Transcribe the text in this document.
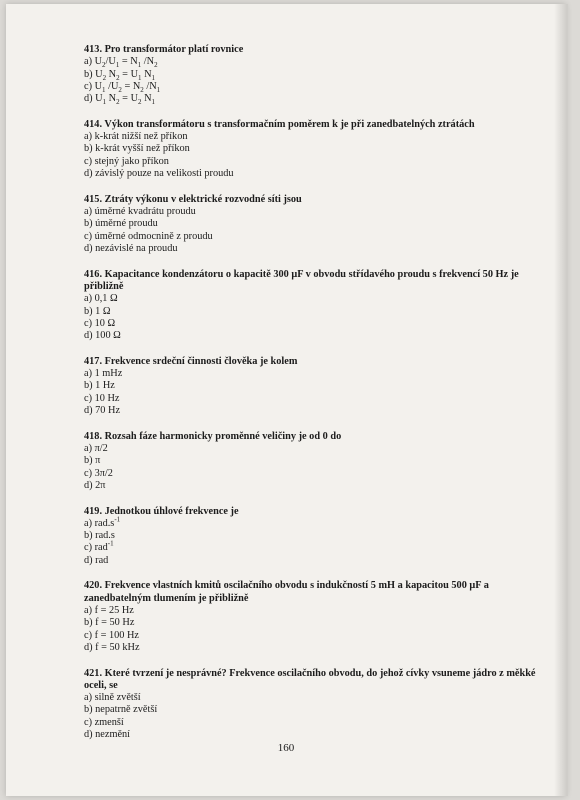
413. Pro transformátor platí rovnice
a) $U_2/U_1 = N_1$ $/N_2$
b) $U_2$ $N_2 = U_1$ $N_1$
c) $U_1$ $/U_2 = N_2$ $/N_1$
d) $U_1$ $N_2 = U_2$ $N_1$
414. Výkon transformátoru s transformačním poměrem k je při zanedbatelných ztrátách
a) k-krát nižší než příkon
b) k-krát vyšší než příkon
c) stejný jako příkon
d) závislý pouze na velikosti proudu
415. Ztráty výkonu v elektrické rozvodné síti jsou
a) úměrné kvadrátu proudu
b) úměrné proudu
c) úměrné odmocnině z proudu
d) nezávislé na proudu
416. Kapacitance kondenzátoru o kapacitě 300 μF v obvodu střídavého proudu s frekvencí 50 Hz je přibližně
a) 0,1 Ω
b) 1 Ω
c) 10 Ω
d) 100 Ω
417. Frekvence srdeční činnosti člověka je kolem
a) 1 mHz
b) 1 Hz
c) 10 Hz
d) 70 Hz
418. Rozsah fáze harmonicky proměnné veličiny je od 0 do
a) π/2
b) π
c) 3π/2
d) 2π
419. Jednotkou úhlové frekvence je
a) $rad.s^{-1}$
b) rad.s
c) rad$^{-1}$
d) rad
420. Frekvence vlastních kmitů oscilačního obvodu s indukčností 5 mH a kapacitou 500 μF a zanedbatelným tlumením je přibližně
a) f = 25 Hz
b) f = 50 Hz
c) f = 100 Hz
d) f = 50 kHz
421. Které tvrzení je nesprávné? Frekvence oscilačního obvodu, do jehož cívky vsuneme jádro z měkké oceli, se
a) silně zvětší
b) nepatrně zvětší
c) zmenší
d) nezmění
160
